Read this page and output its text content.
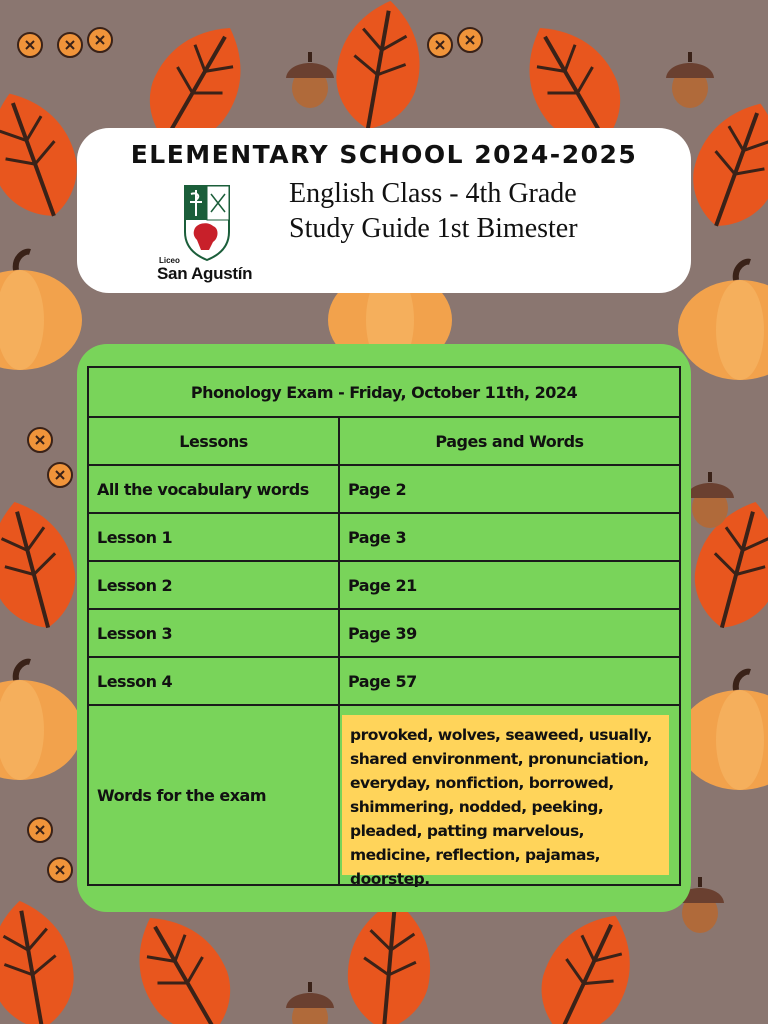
ELEMENTARY SCHOOL 2024-2025
Liceo
San Agustín
English Class - 4th Grade
Study Guide 1st Bimester
Phonology Exam - Friday, October 11th, 2024	
Lessons	Pages and Words
All the vocabulary words	Page 2
Lesson 1	Page 3
Lesson 2	Page 21
Lesson 3	Page 39
Lesson 4	Page 57
Words for the exam	provoked, wolves, seaweed, usually, shared environment, pronunciation, everyday, nonfiction, borrowed, shimmering, nodded, peeking, pleaded, patting marvelous, medicine, reflection, pajamas, doorstep.
